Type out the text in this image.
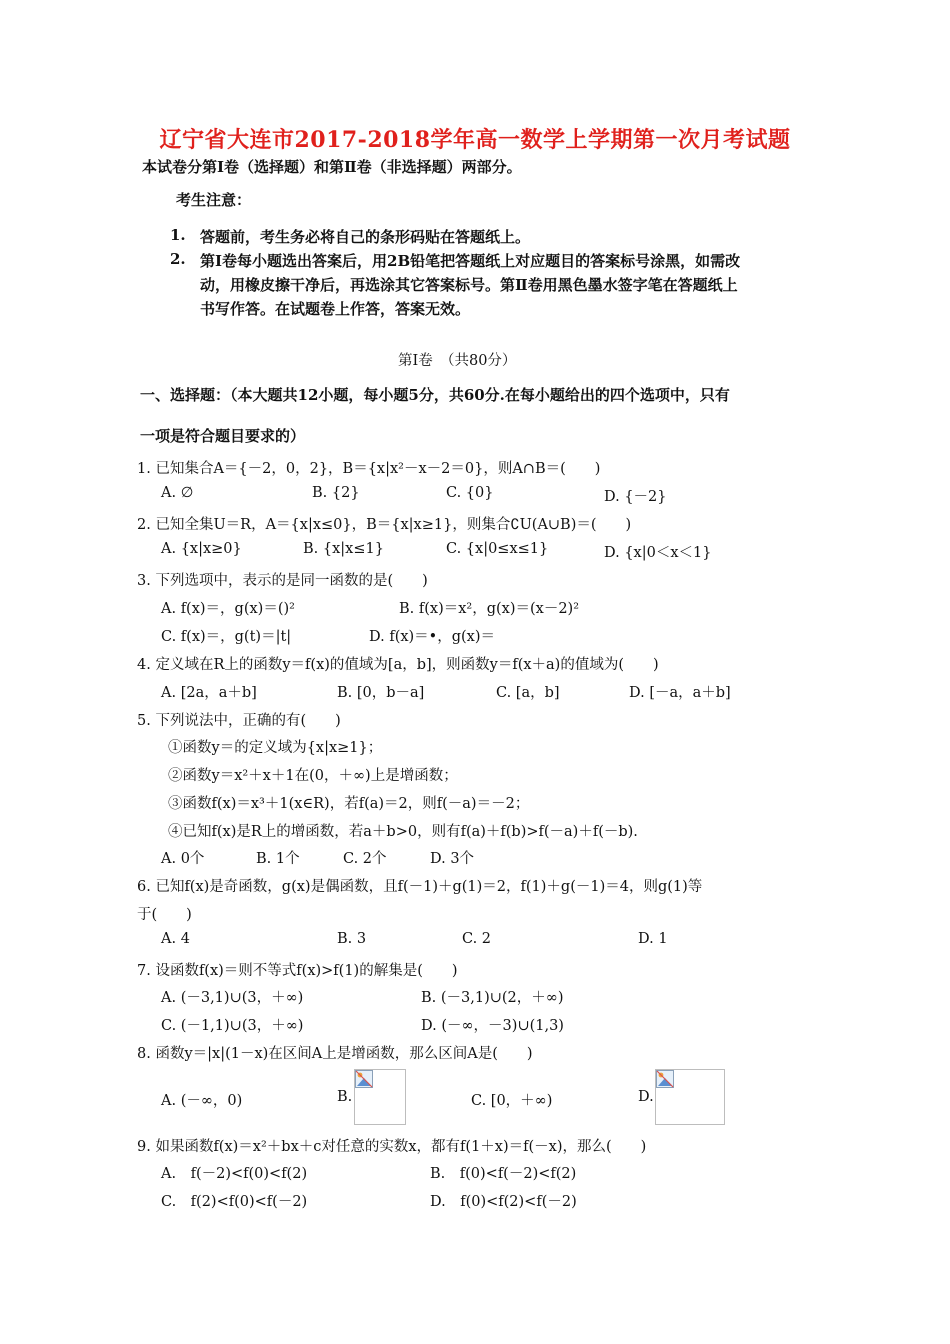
辽宁省大连市2017-2018学年高一数学上学期第一次月考试题
本试卷分第Ⅰ卷（选择题）和第Ⅱ卷（非选择题）两部分。
考生注意：
1. 答题前，考生务必将自己的条形码贴在答题纸上。
2. 第Ⅰ卷每小题选出答案后，用2B铅笔把答题纸上对应题目的答案标号涂黑，如需改
动，用橡皮擦干净后，再选涂其它答案标号。第Ⅱ卷用黑色墨水签字笔在答题纸上
书写作答。在试题卷上作答，答案无效。
第Ⅰ卷　（共80分）
一、选择题：（本大题共12小题，每小题5分，共60分.在每小题给出的四个选项中，只有
一项是符合题目要求的）
1. 已知集合A＝{－2，0，2}，B＝{x|x²－x－2＝0}，则A∩B＝(　　)
A. ∅	B. {2}	C. {0}	D. {－2}
2. 已知全集U＝R，A＝{x|x≤0}，B＝{x|x≥1}，则集合∁U(A∪B)＝(　　)
A. {x|x≥0}	B. {x|x≤1}	C. {x|0≤x≤1}	D. {x|0＜x＜1}
3. 下列选项中，表示的是同一函数的是(　　)
A. f(x)＝，g(x)＝()²	B. f(x)＝x²，g(x)＝(x－2)²
C. f(x)＝，g(t)＝|t|	D. f(x)＝•，g(x)＝
4. 定义域在R上的函数y＝f(x)的值域为[a，b]，则函数y＝f(x＋a)的值域为(　　)
A. [2a，a＋b]	B. [0，b－a]	C. [a，b]	D. [－a，a＋b]
5. 下列说法中，正确的有(　　)
①函数y＝的定义域为{x|x≥1}；
②函数y＝x²＋x＋1在(0，＋∞)上是增函数；
③函数f(x)＝x³＋1(x∈R)，若f(a)＝2，则f(－a)＝－2；
④已知f(x)是R上的增函数，若a＋b>0，则有f(a)＋f(b)>f(－a)＋f(－b).
A. 0个	B. 1个	C. 2个	D. 3个
6. 已知f(x)是奇函数，g(x)是偶函数，且f(－1)＋g(1)＝2，f(1)＋g(－1)＝4，则g(1)等
于(　　)
A. 4	B. 3	C. 2	D. 1
7. 设函数f(x)＝则不等式f(x)>f(1)的解集是(　　)
A. (－3,1)∪(3，＋∞)	B. (－3,1)∪(2，＋∞)
C. (－1,1)∪(3，＋∞)	D. (－∞，－3)∪(1,3)
8. 函数y＝|x|(1－x)在区间A上是增函数，那么区间A是(　　)
A. (－∞，0)	B.	C. [0，＋∞)	D.
9. 如果函数f(x)＝x²＋bx＋c对任意的实数x，都有f(1＋x)＝f(－x)，那么(　　)
A.　f(－2)<f(0)<f(2)	B.　f(0)<f(－2)<f(2)
C.　f(2)<f(0)<f(－2)	D.　f(0)<f(2)<f(－2)
